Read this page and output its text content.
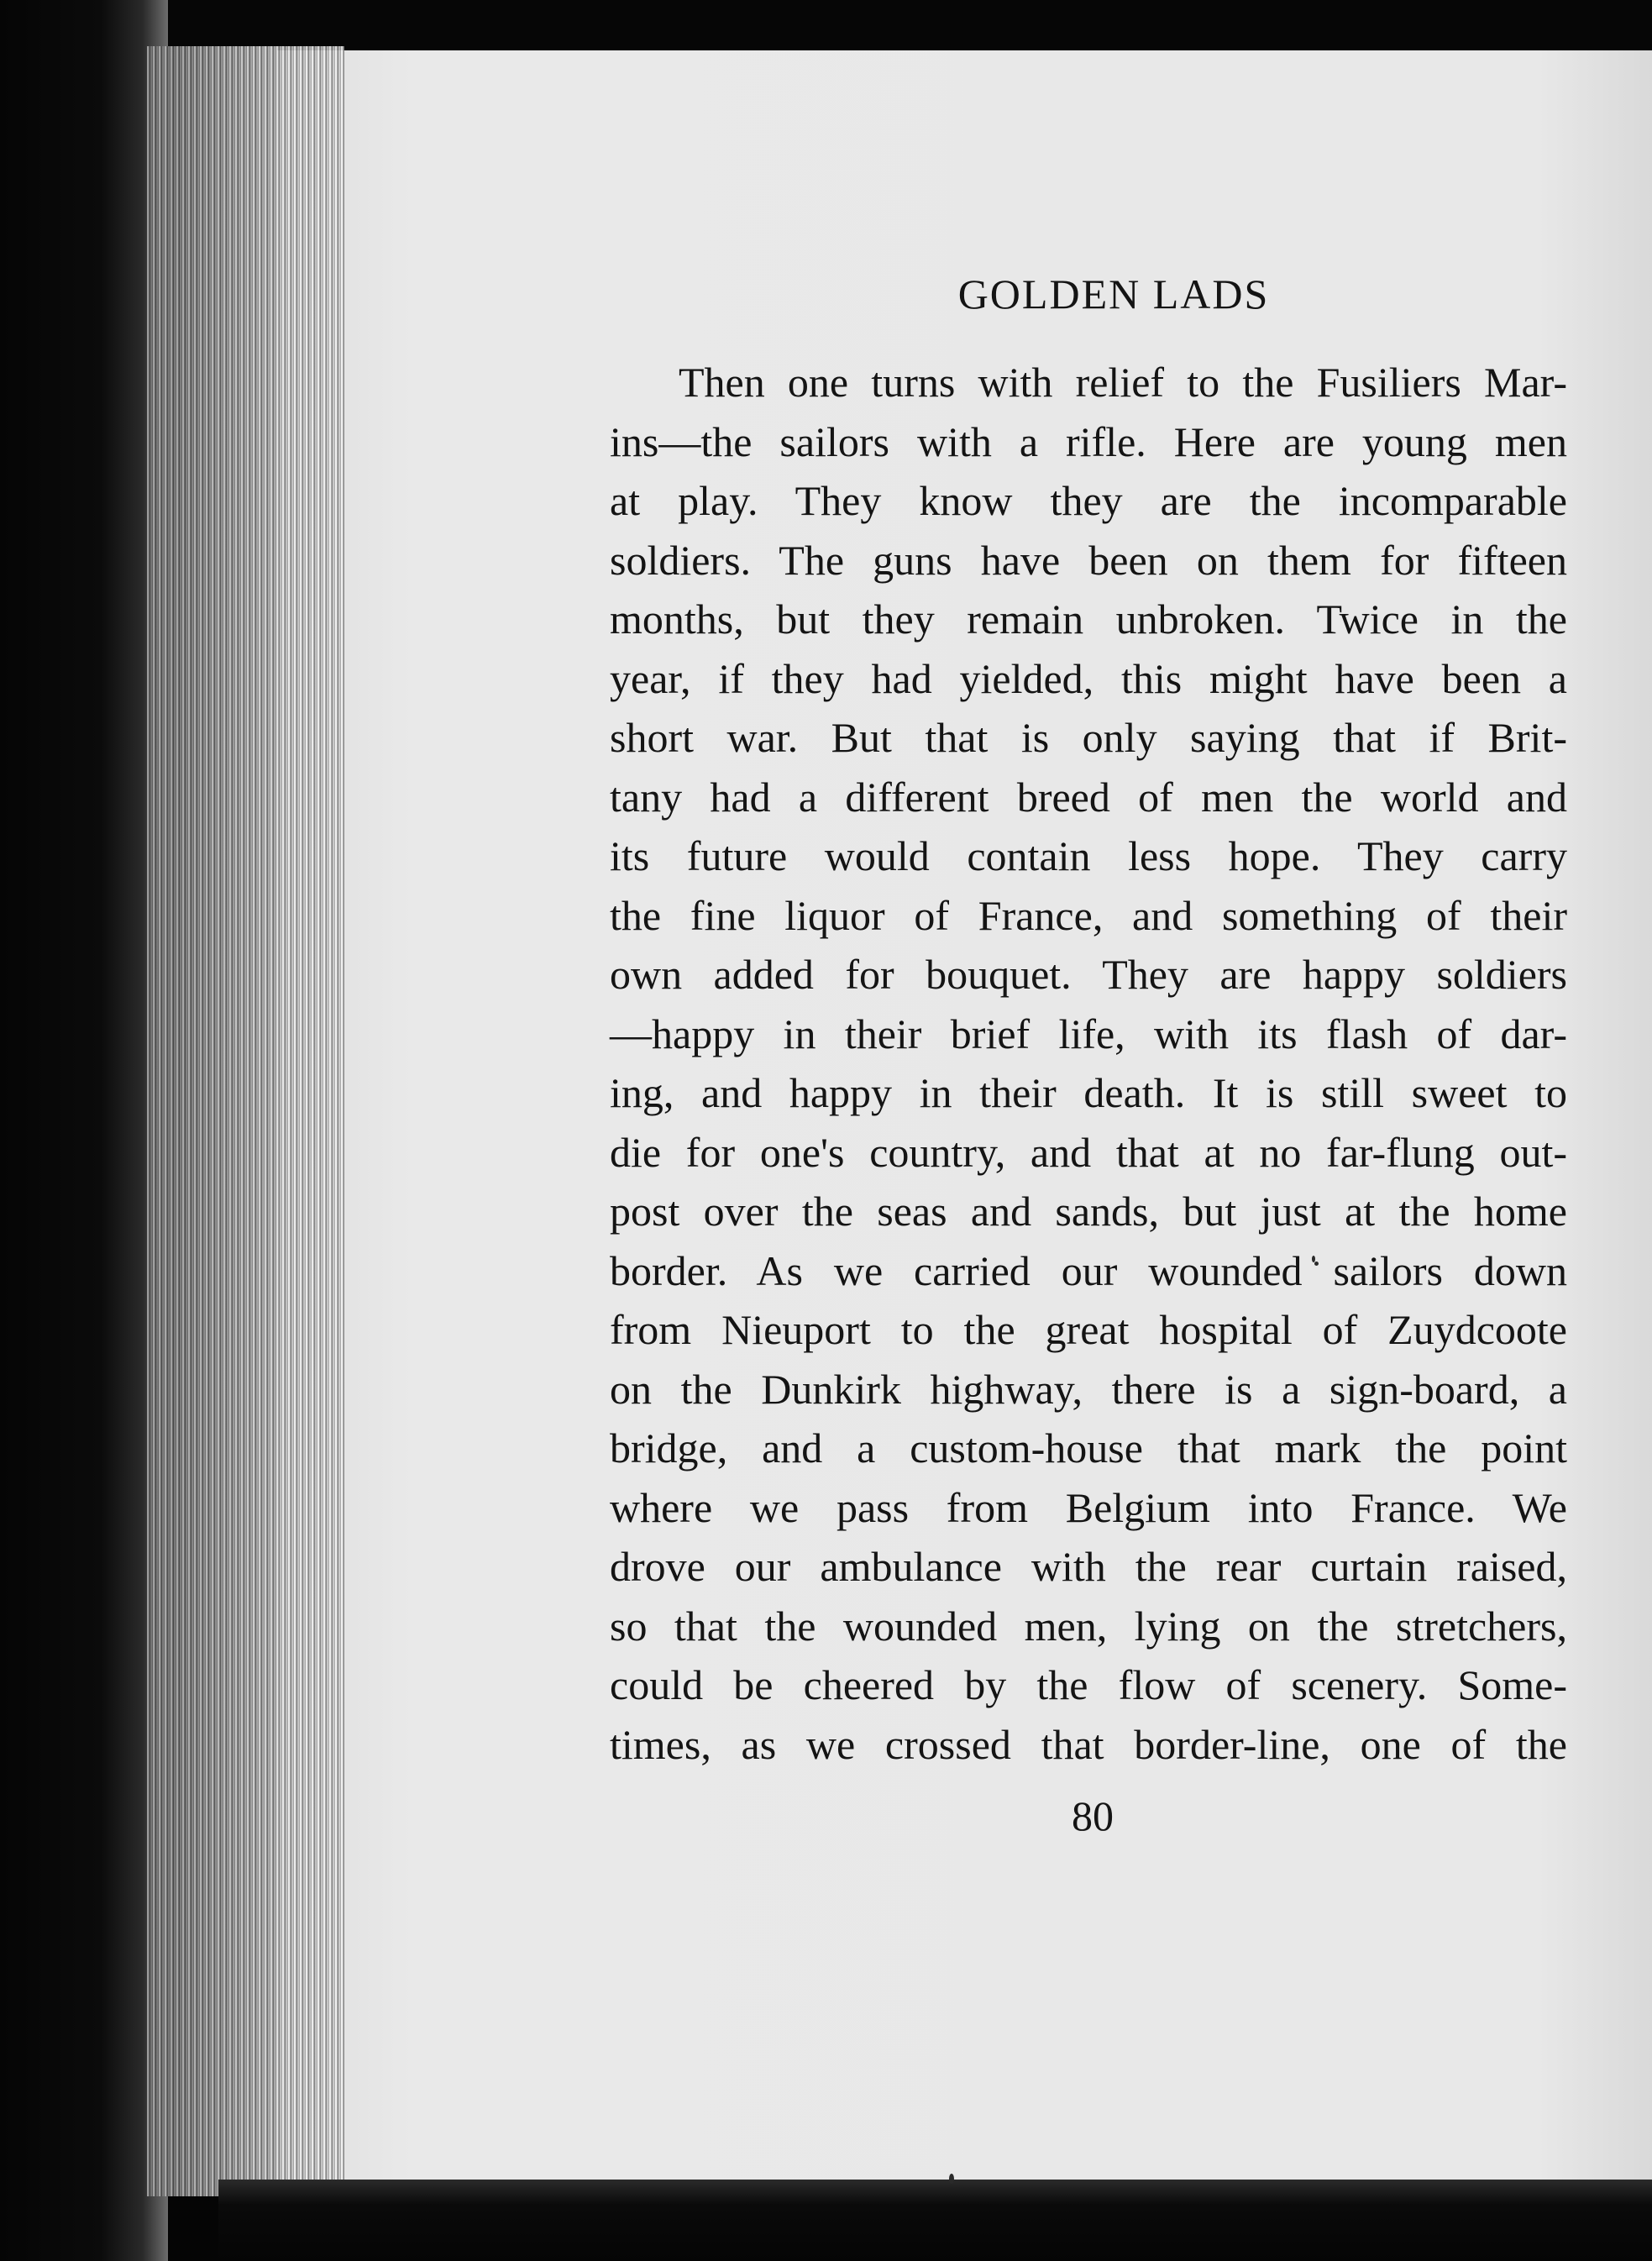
GOLDEN LADS
Then one turns with relief to the Fusiliers Mar-
ins—the sailors with a rifle. Here are young men
at play. They know they are the incomparable
soldiers. The guns have been on them for fifteen
months, but they remain unbroken. Twice in the
year, if they had yielded, this might have been a
short war. But that is only saying that if Brit-
tany had a different breed of men the world and
its future would contain less hope. They carry
the fine liquor of France, and something of their
own added for bouquet. They are happy soldiers
—happy in their brief life, with its flash of dar-
ing, and happy in their death. It is still sweet to
die for one's country, and that at no far-flung out-
post over the seas and sands, but just at the home
border. As we carried our wounded sailors down
from Nieuport to the great hospital of Zuydcoote
on the Dunkirk highway, there is a sign-board, a
bridge, and a custom-house that mark the point
where we pass from Belgium into France. We
drove our ambulance with the rear curtain raised,
so that the wounded men, lying on the stretchers,
could be cheered by the flow of scenery. Some-
times, as we crossed that border-line, one of the
80
